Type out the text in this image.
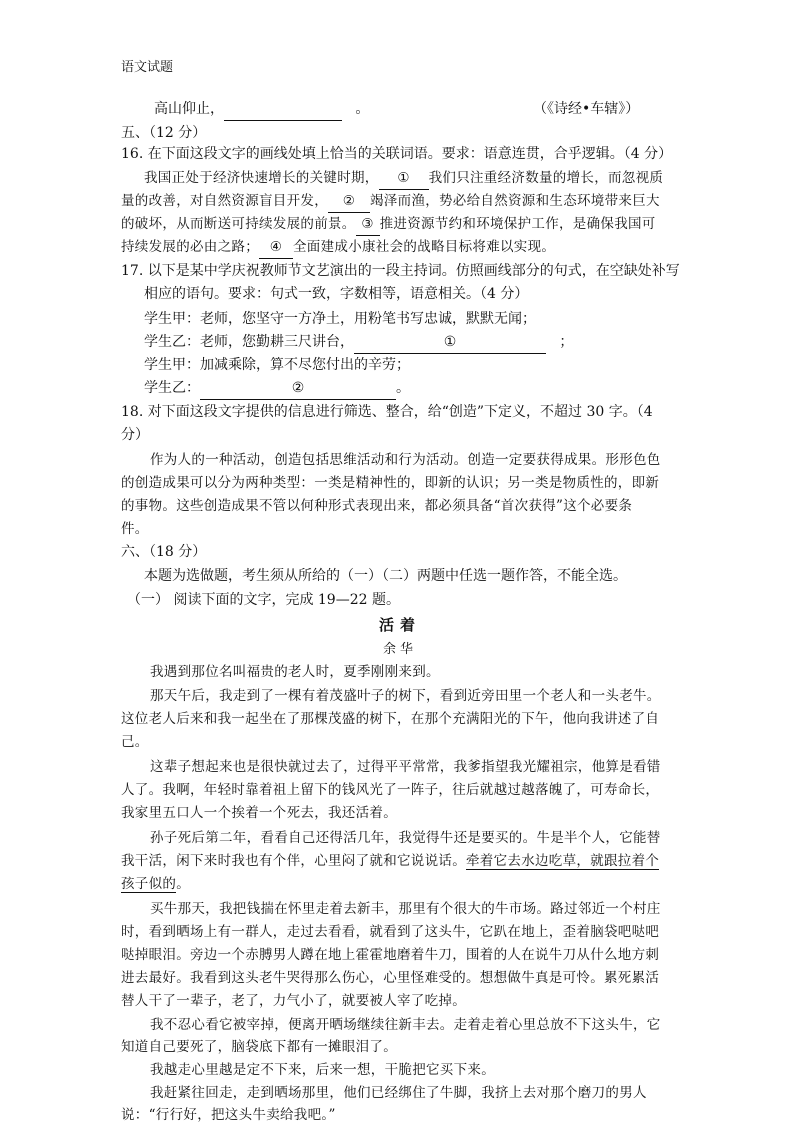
语文试题
高山仰止，	。	（《诗经•车辖》）
五、（12 分）
16. 在下面这段文字的画线处填上恰当的关联词语。要求：语意连贯，合乎逻辑。（4 分）
我国正处于经济快速增长的关键时期， ① 我们只注重经济数量的增长，而忽视质
量的改善，对自然资源盲目开发， ② 竭泽而渔，势必给自然资源和生态环境带来巨大
的破坏，从而断送可持续发展的前景。 ③ 推进资源节约和环境保护工作，是确保我国可
持续发展的必由之路； ④ 全面建成小康社会的战略目标将难以实现。
17. 以下是某中学庆祝教师节文艺演出的一段主持词。仿照画线部分的句式，在空缺处补写
相应的语句。要求：句式一致，字数相等，语意相关。（4 分）
学生甲：老师，您坚守一方净土，用粉笔书写忠诚，默默无闻；
学生乙：老师，您勤耕三尺讲台，	①	；
学生甲：加减乘除，算不尽您付出的辛劳；
学生乙：	②	。
18. 对下面这段文字提供的信息进行筛选、整合，给“创造”下定义，不超过 30 字。（4
分）
作为人的一种活动，创造包括思维活动和行为活动。创造一定要获得成果。形形色色
的创造成果可以分为两种类型：一类是精神性的，即新的认识；另一类是物质性的，即新
的事物。这些创造成果不管以何种形式表现出来，都必须具备“首次获得”这个必要条
件。
六、（18 分）
本题为选做题，考生须从所给的（一）（二）两题中任选一题作答，不能全选。
（一） 阅读下面的文字，完成 19—22 题。
活着
余华
我遇到那位名叫福贵的老人时，夏季刚刚来到。
那天午后，我走到了一棵有着茂盛叶子的树下，看到近旁田里一个老人和一头老牛。
这位老人后来和我一起坐在了那棵茂盛的树下，在那个充满阳光的下午，他向我讲述了自
己。
这辈子想起来也是很快就过去了，过得平平常常，我爹指望我光耀祖宗，他算是看错
人了。我啊，年轻时靠着祖上留下的钱风光了一阵子，往后就越过越落魄了，可寿命长，
我家里五口人一个挨着一个死去，我还活着。
孙子死后第二年，看看自己还得活几年，我觉得牛还是要买的。牛是半个人，它能替
我干活，闲下来时我也有个伴，心里闷了就和它说说话。牵着它去水边吃草，就跟拉着个
孩子似的。
买牛那天，我把钱揣在怀里走着去新丰，那里有个很大的牛市场。路过邻近一个村庄
时，看到晒场上有一群人，走过去看看，就看到了这头牛，它趴在地上，歪着脑袋吧哒吧
哒掉眼泪。旁边一个赤膊男人蹲在地上霍霍地磨着牛刀，围着的人在说牛刀从什么地方刺
进去最好。我看到这头老牛哭得那么伤心，心里怪难受的。想想做牛真是可怜。累死累活
替人干了一辈子，老了，力气小了，就要被人宰了吃掉。
我不忍心看它被宰掉，便离开晒场继续往新丰去。走着走着心里总放不下这头牛，它
知道自己要死了，脑袋底下都有一摊眼泪了。
我越走心里越是定不下来，后来一想，干脆把它买下来。
我赶紧往回走，走到晒场那里，他们已经绑住了牛脚，我挤上去对那个磨刀的男人
说：“行行好，把这头牛卖给我吧。”
